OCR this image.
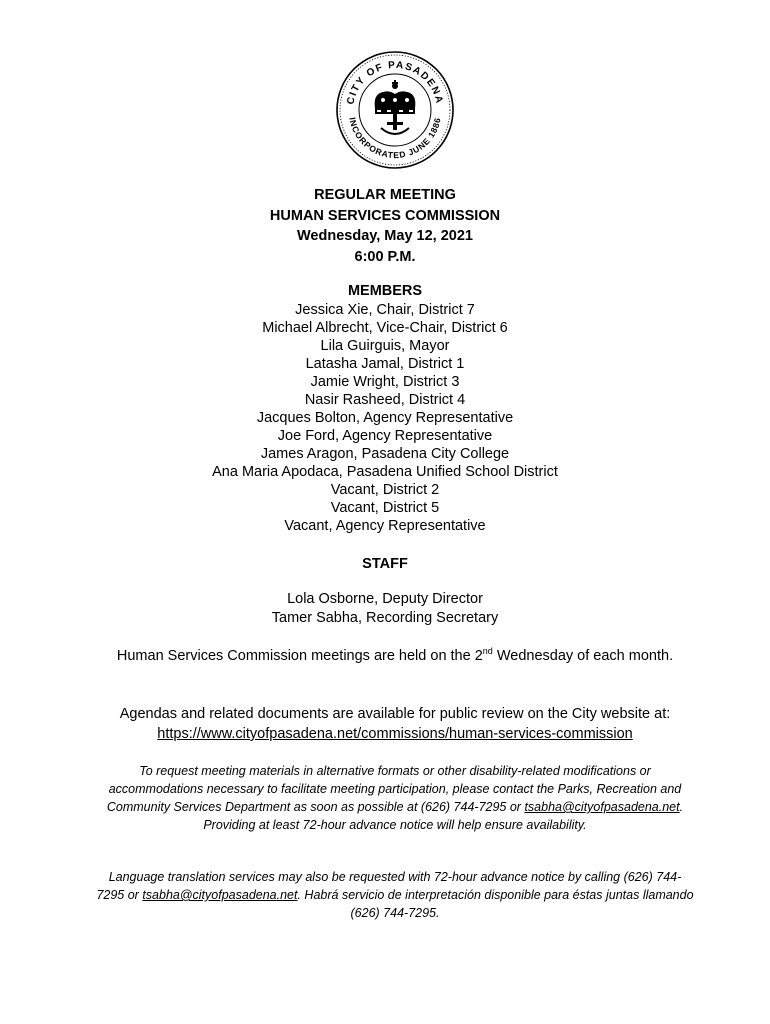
CITY OF PASADENA
INCORPORATED JUNE 1886
REGULAR MEETING
HUMAN SERVICES COMMISSION
Wednesday, May 12, 2021
6:00 P.M.
MEMBERS
Jessica Xie, Chair, District 7
Michael Albrecht, Vice-Chair, District 6
Lila Guirguis, Mayor
Latasha Jamal, District 1
Jamie Wright, District 3
Nasir Rasheed, District 4
Jacques Bolton, Agency Representative
Joe Ford, Agency Representative
James Aragon, Pasadena City College
Ana Maria Apodaca, Pasadena Unified School District
Vacant, District 2
Vacant, District 5
Vacant, Agency Representative
STAFF
Lola Osborne, Deputy Director
Tamer Sabha, Recording Secretary
Human Services Commission meetings are held on the 2nd Wednesday of each month.
Agendas and related documents are available for public review on the City website at: https://www.cityofpasadena.net/commissions/human-services-commission
To request meeting materials in alternative formats or other disability-related modifications or accommodations necessary to facilitate meeting participation, please contact the Parks, Recreation and Community Services Department as soon as possible at (626) 744-7295 or tsabha@cityofpasadena.net. Providing at least 72-hour advance notice will help ensure availability.
Language translation services may also be requested with 72-hour advance notice by calling (626) 744-7295 or tsabha@cityofpasadena.net. Habrá servicio de interpretación disponible para éstas juntas llamando (626) 744-7295.
